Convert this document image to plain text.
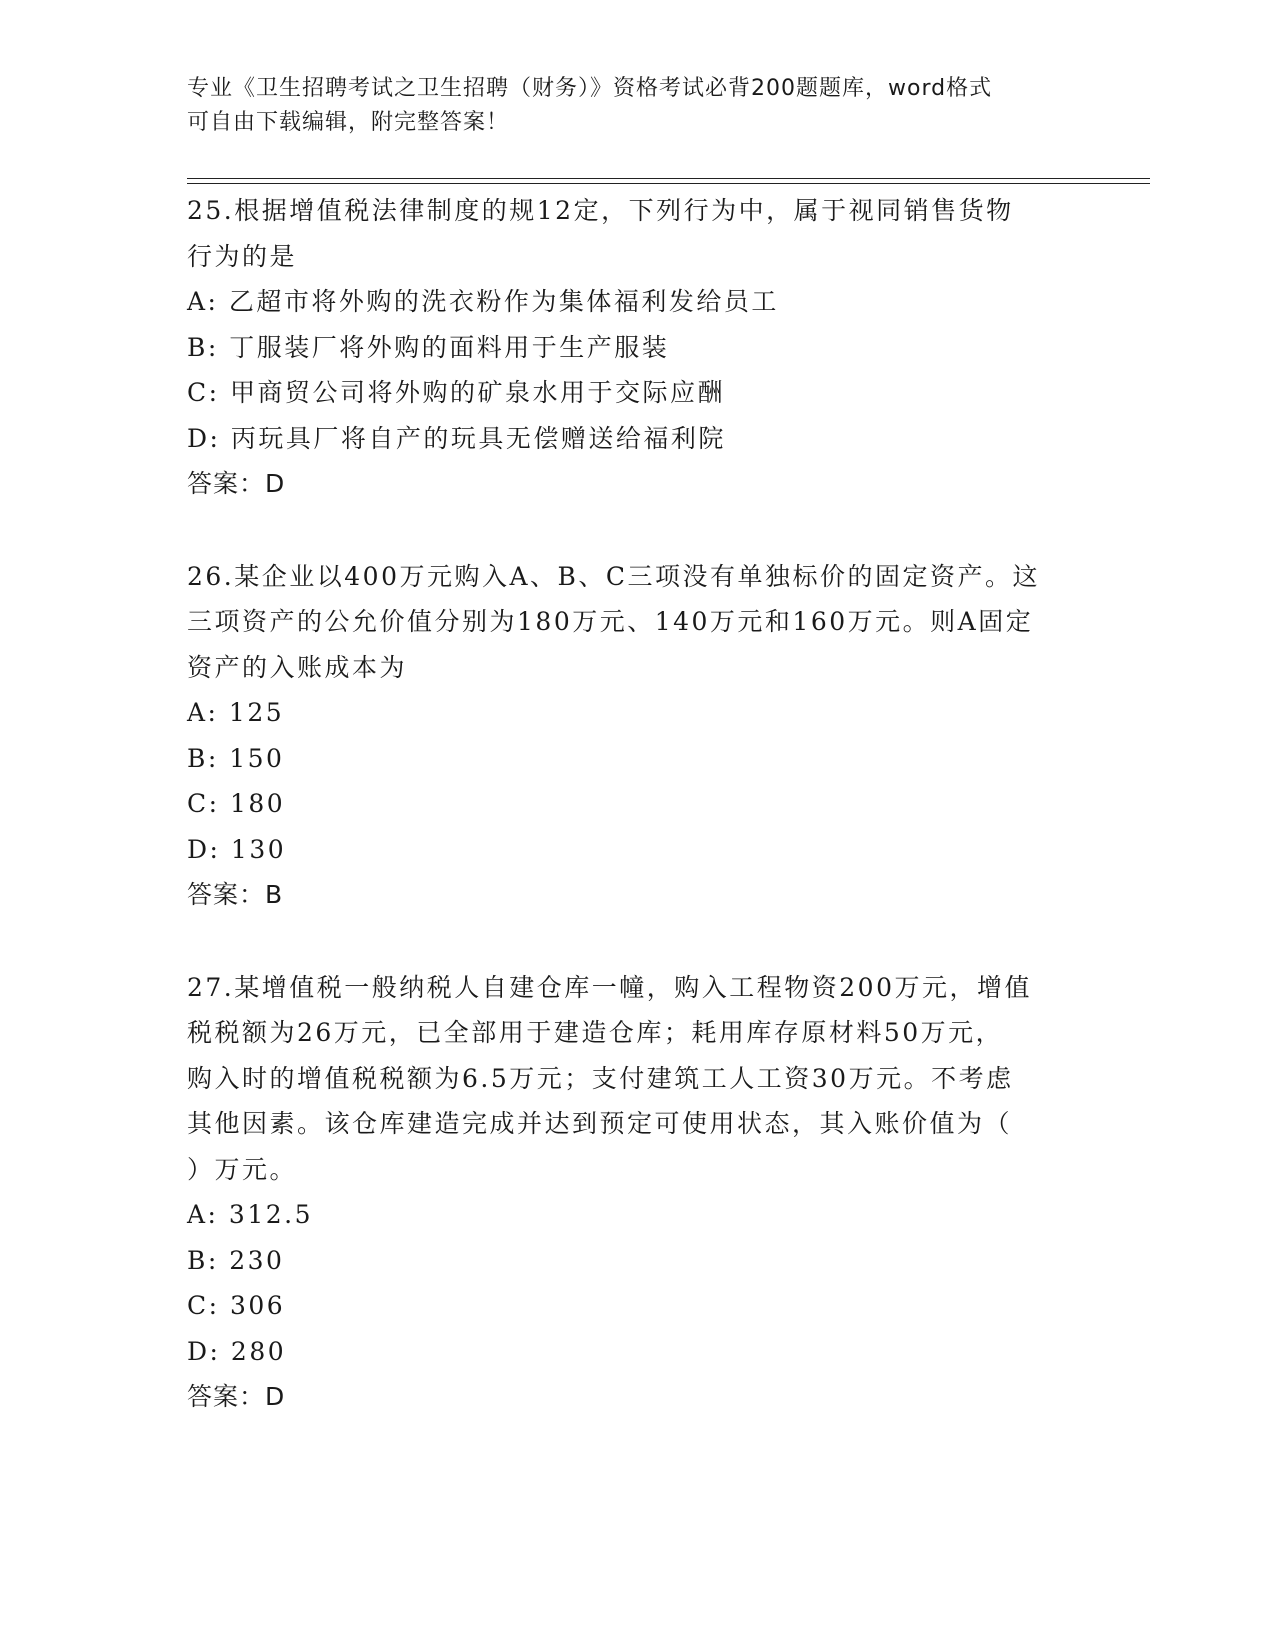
专业《卫生招聘考试之卫生招聘（财务）》资格考试必背200题题库，word格式
可自由下载编辑，附完整答案！
25.根据增值税法律制度的规12定，下列行为中，属于视同销售货物
行为的是
A: 乙超市将外购的洗衣粉作为集体福利发给员工
B: 丁服装厂将外购的面料用于生产服装
C: 甲商贸公司将外购的矿泉水用于交际应酬
D: 丙玩具厂将自产的玩具无偿赠送给福利院
答案：D
26.某企业以400万元购入A、B、C三项没有单独标价的固定资产。这
三项资产的公允价值分别为180万元、140万元和160万元。则A固定
资产的入账成本为
A: 125
B: 150
C: 180
D: 130
答案：B
27.某增值税一般纳税人自建仓库一幢，购入工程物资200万元，增值
税税额为26万元，已全部用于建造仓库；耗用库存原材料50万元，
购入时的增值税税额为6.5万元；支付建筑工人工资30万元。不考虑
其他因素。该仓库建造完成并达到预定可使用状态，其入账价值为（
）万元。
A: 312.5
B: 230
C: 306
D: 280
答案：D
